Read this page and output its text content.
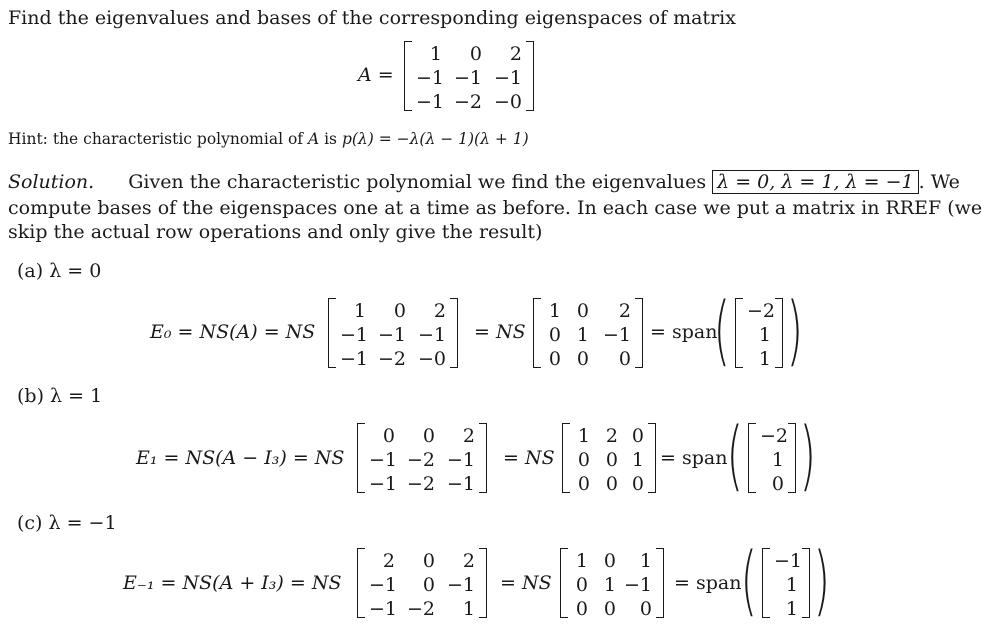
Find the eigenvalues and bases of the corresponding eigenspaces of matrix
A =
1	0	2
−1 −1 −1
−1 −2 −0
Hint: the characteristic polynomial of A is p(λ) = −λ(λ − 1)(λ + 1)
Solution. Given the characteristic polynomial we find the eigenvalues λ = 0, λ = 1, λ = −1 . We
compute bases of the eigenspaces one at a time as before. In each case we put a matrix in RREF (we
skip the actual row operations and only give the result)
(a) λ = 0
E₀ = NS(A) = NS
1	0	2
−1 −1 −1
−1 −2 −0
= NS
1 0	2
0 1 −1
0 0	0
= span
( −2
1
1 )
(b) λ = 1
E₁ = NS(A − I₃) = NS
0	0	2
−1 −2 −1
−1 −2 −1
= NS
1 2 0
0 0 1
0 0 0
= span ( −2
1
0 )
(c) λ = −1
E₋₁ = NS(A + I₃) = NS
2	0	2
−1	0 −1
−1 −2	1
= NS
1 0	1
0 1 −1
0 0	0
= span ( −1
1
1 )
